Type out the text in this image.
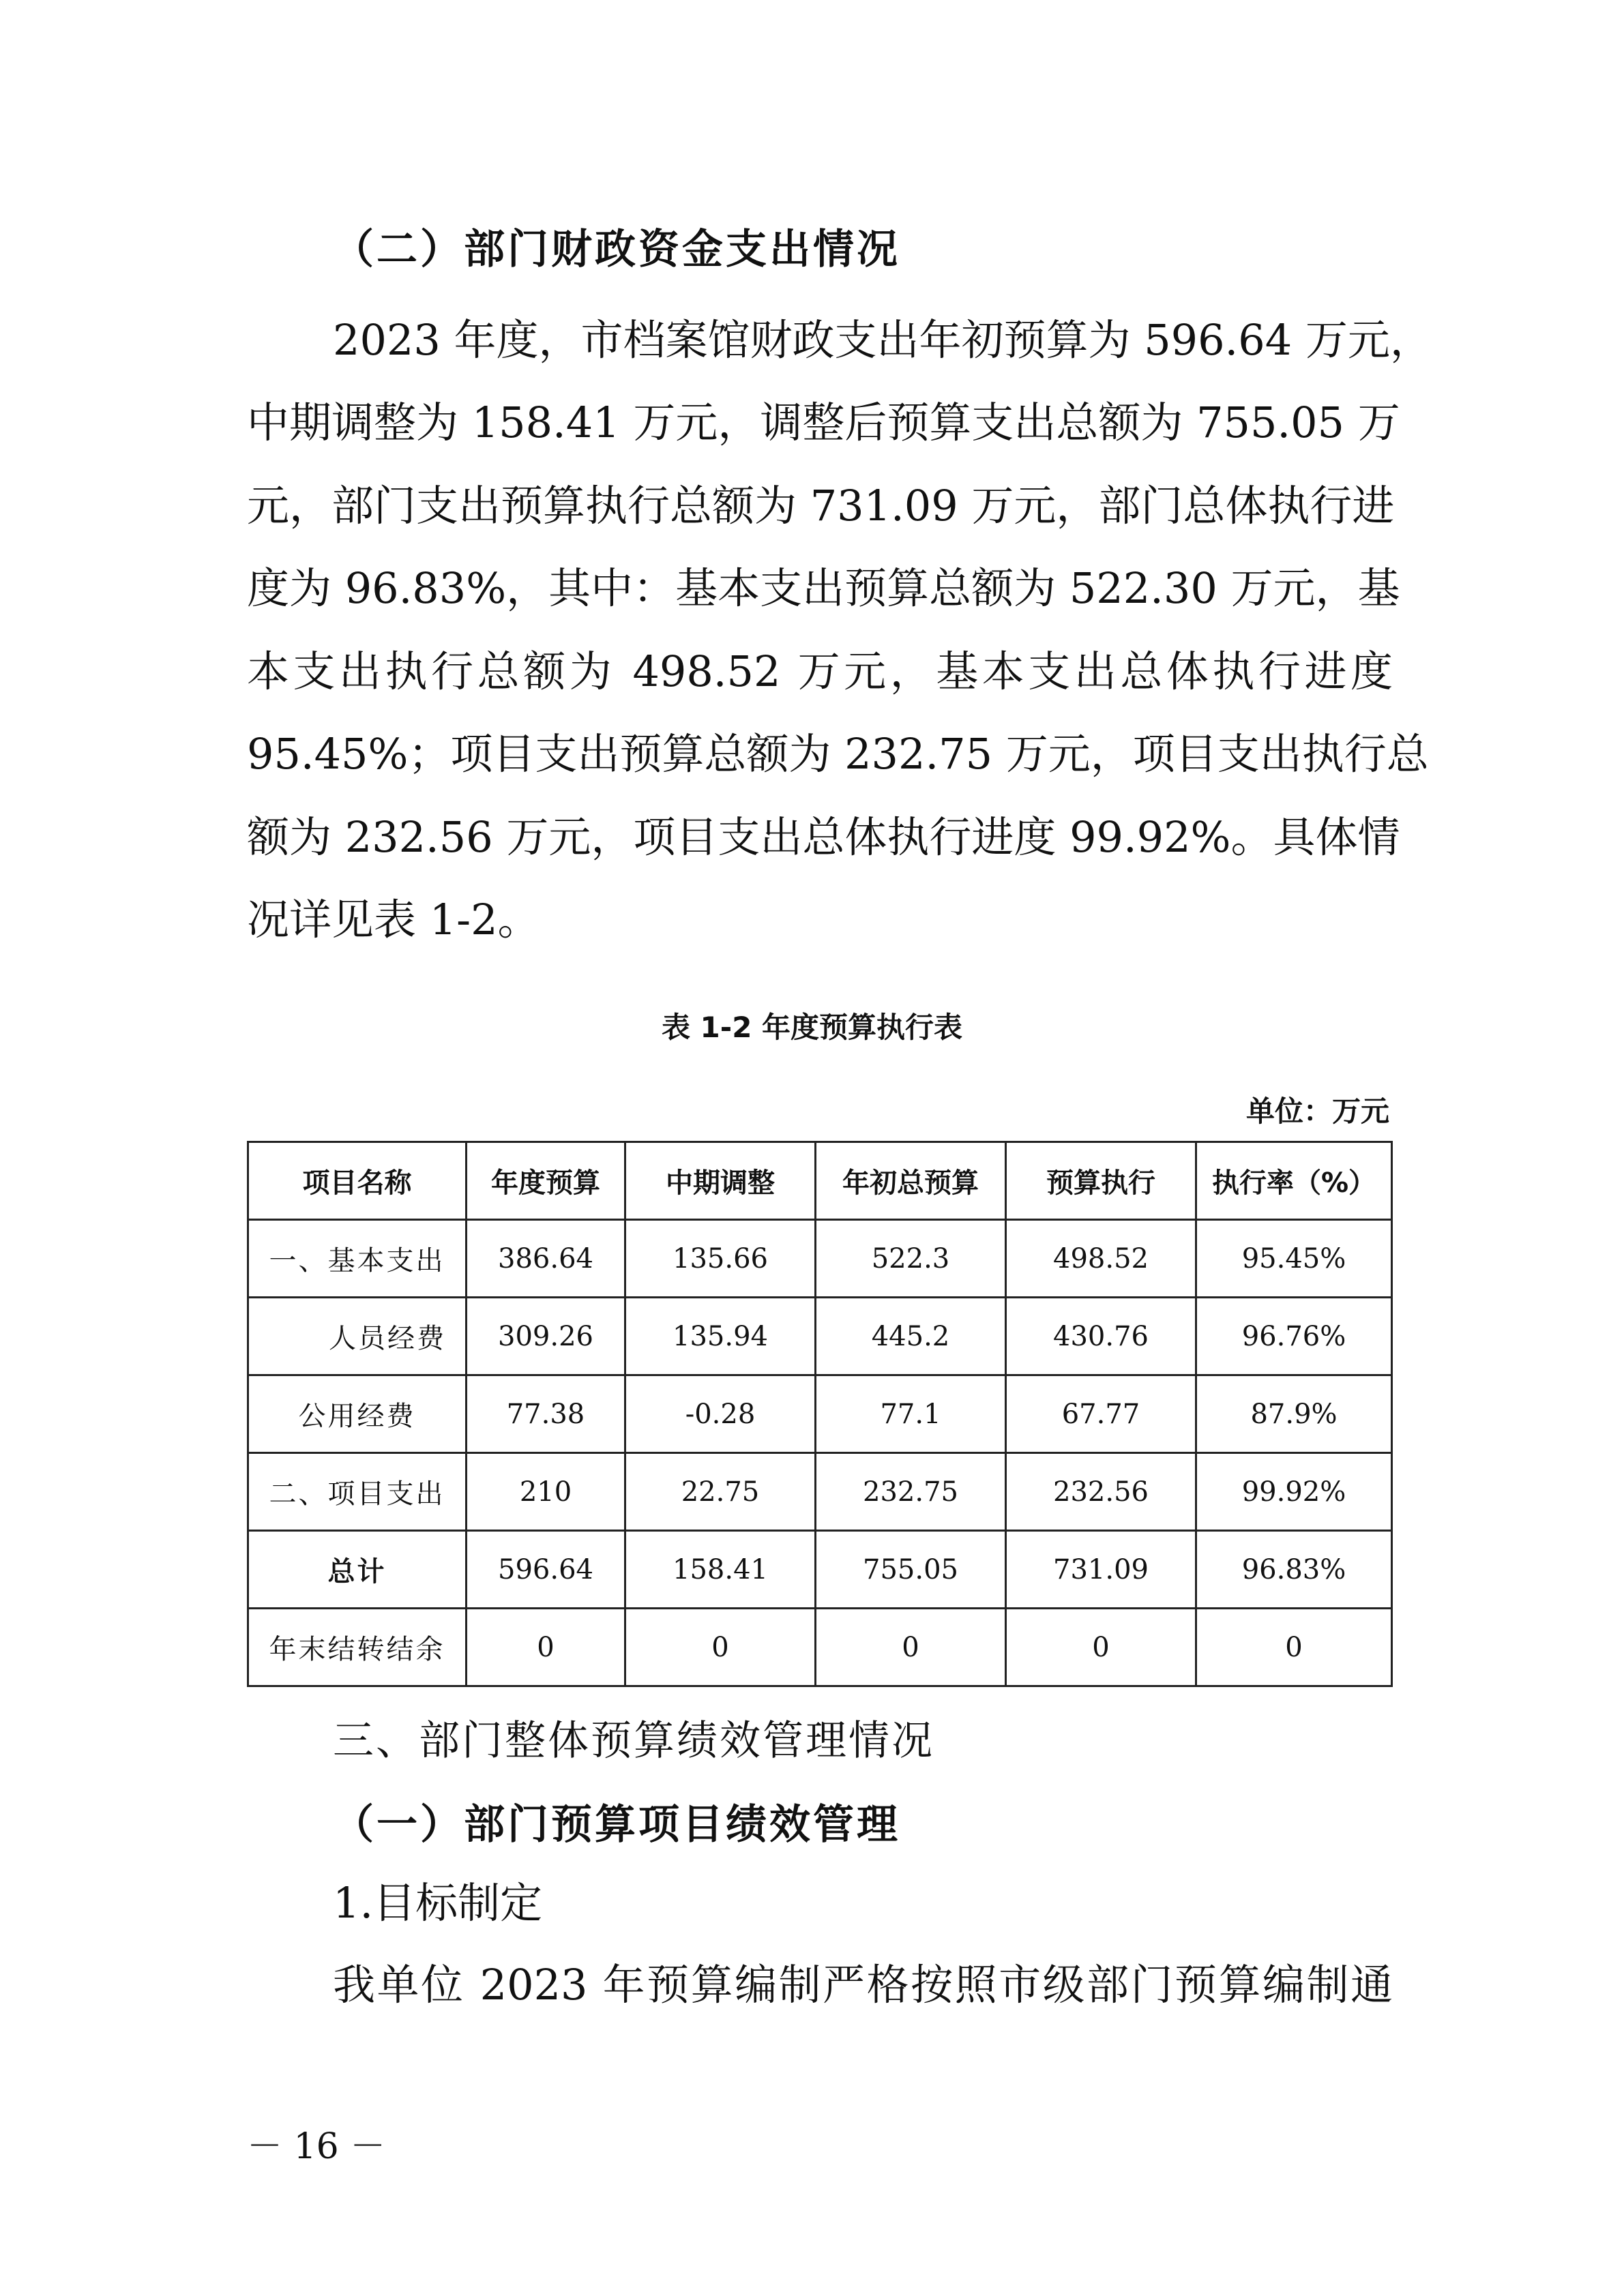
（二）部门财政资金支出情况
2023 年度，市档案馆财政支出年初预算为 596.64 万元，
中期调整为 158.41 万元，调整后预算支出总额为 755.05 万
元，部门支出预算执行总额为 731.09 万元，部门总体执行进
度为 96.83%，其中：基本支出预算总额为 522.30 万元，基
本支出执行总额为 498.52 万元，基本支出总体执行进度
95.45%；项目支出预算总额为 232.75 万元，项目支出执行总
额为 232.56 万元，项目支出总体执行进度 99.92%。具体情
况详见表 1-2。
表 1-2 年度预算执行表
单位：万元
项目名称	年度预算	中期调整	年初总预算	预算执行	执行率（%）
一、基本支出	386.64	135.66	522.3	498.52	95.45%
人员经费	309.26	135.94	445.2	430.76	96.76%
公用经费	77.38	-0.28	77.1	67.77	87.9%
二、项目支出	210	22.75	232.75	232.56	99.92%
总计	596.64	158.41	755.05	731.09	96.83%
年末结转结余	0	0	0	0	0
三、部门整体预算绩效管理情况
（一）部门预算项目绩效管理
1.目标制定
我单位 2023 年预算编制严格按照市级部门预算编制通
－ 16 －
